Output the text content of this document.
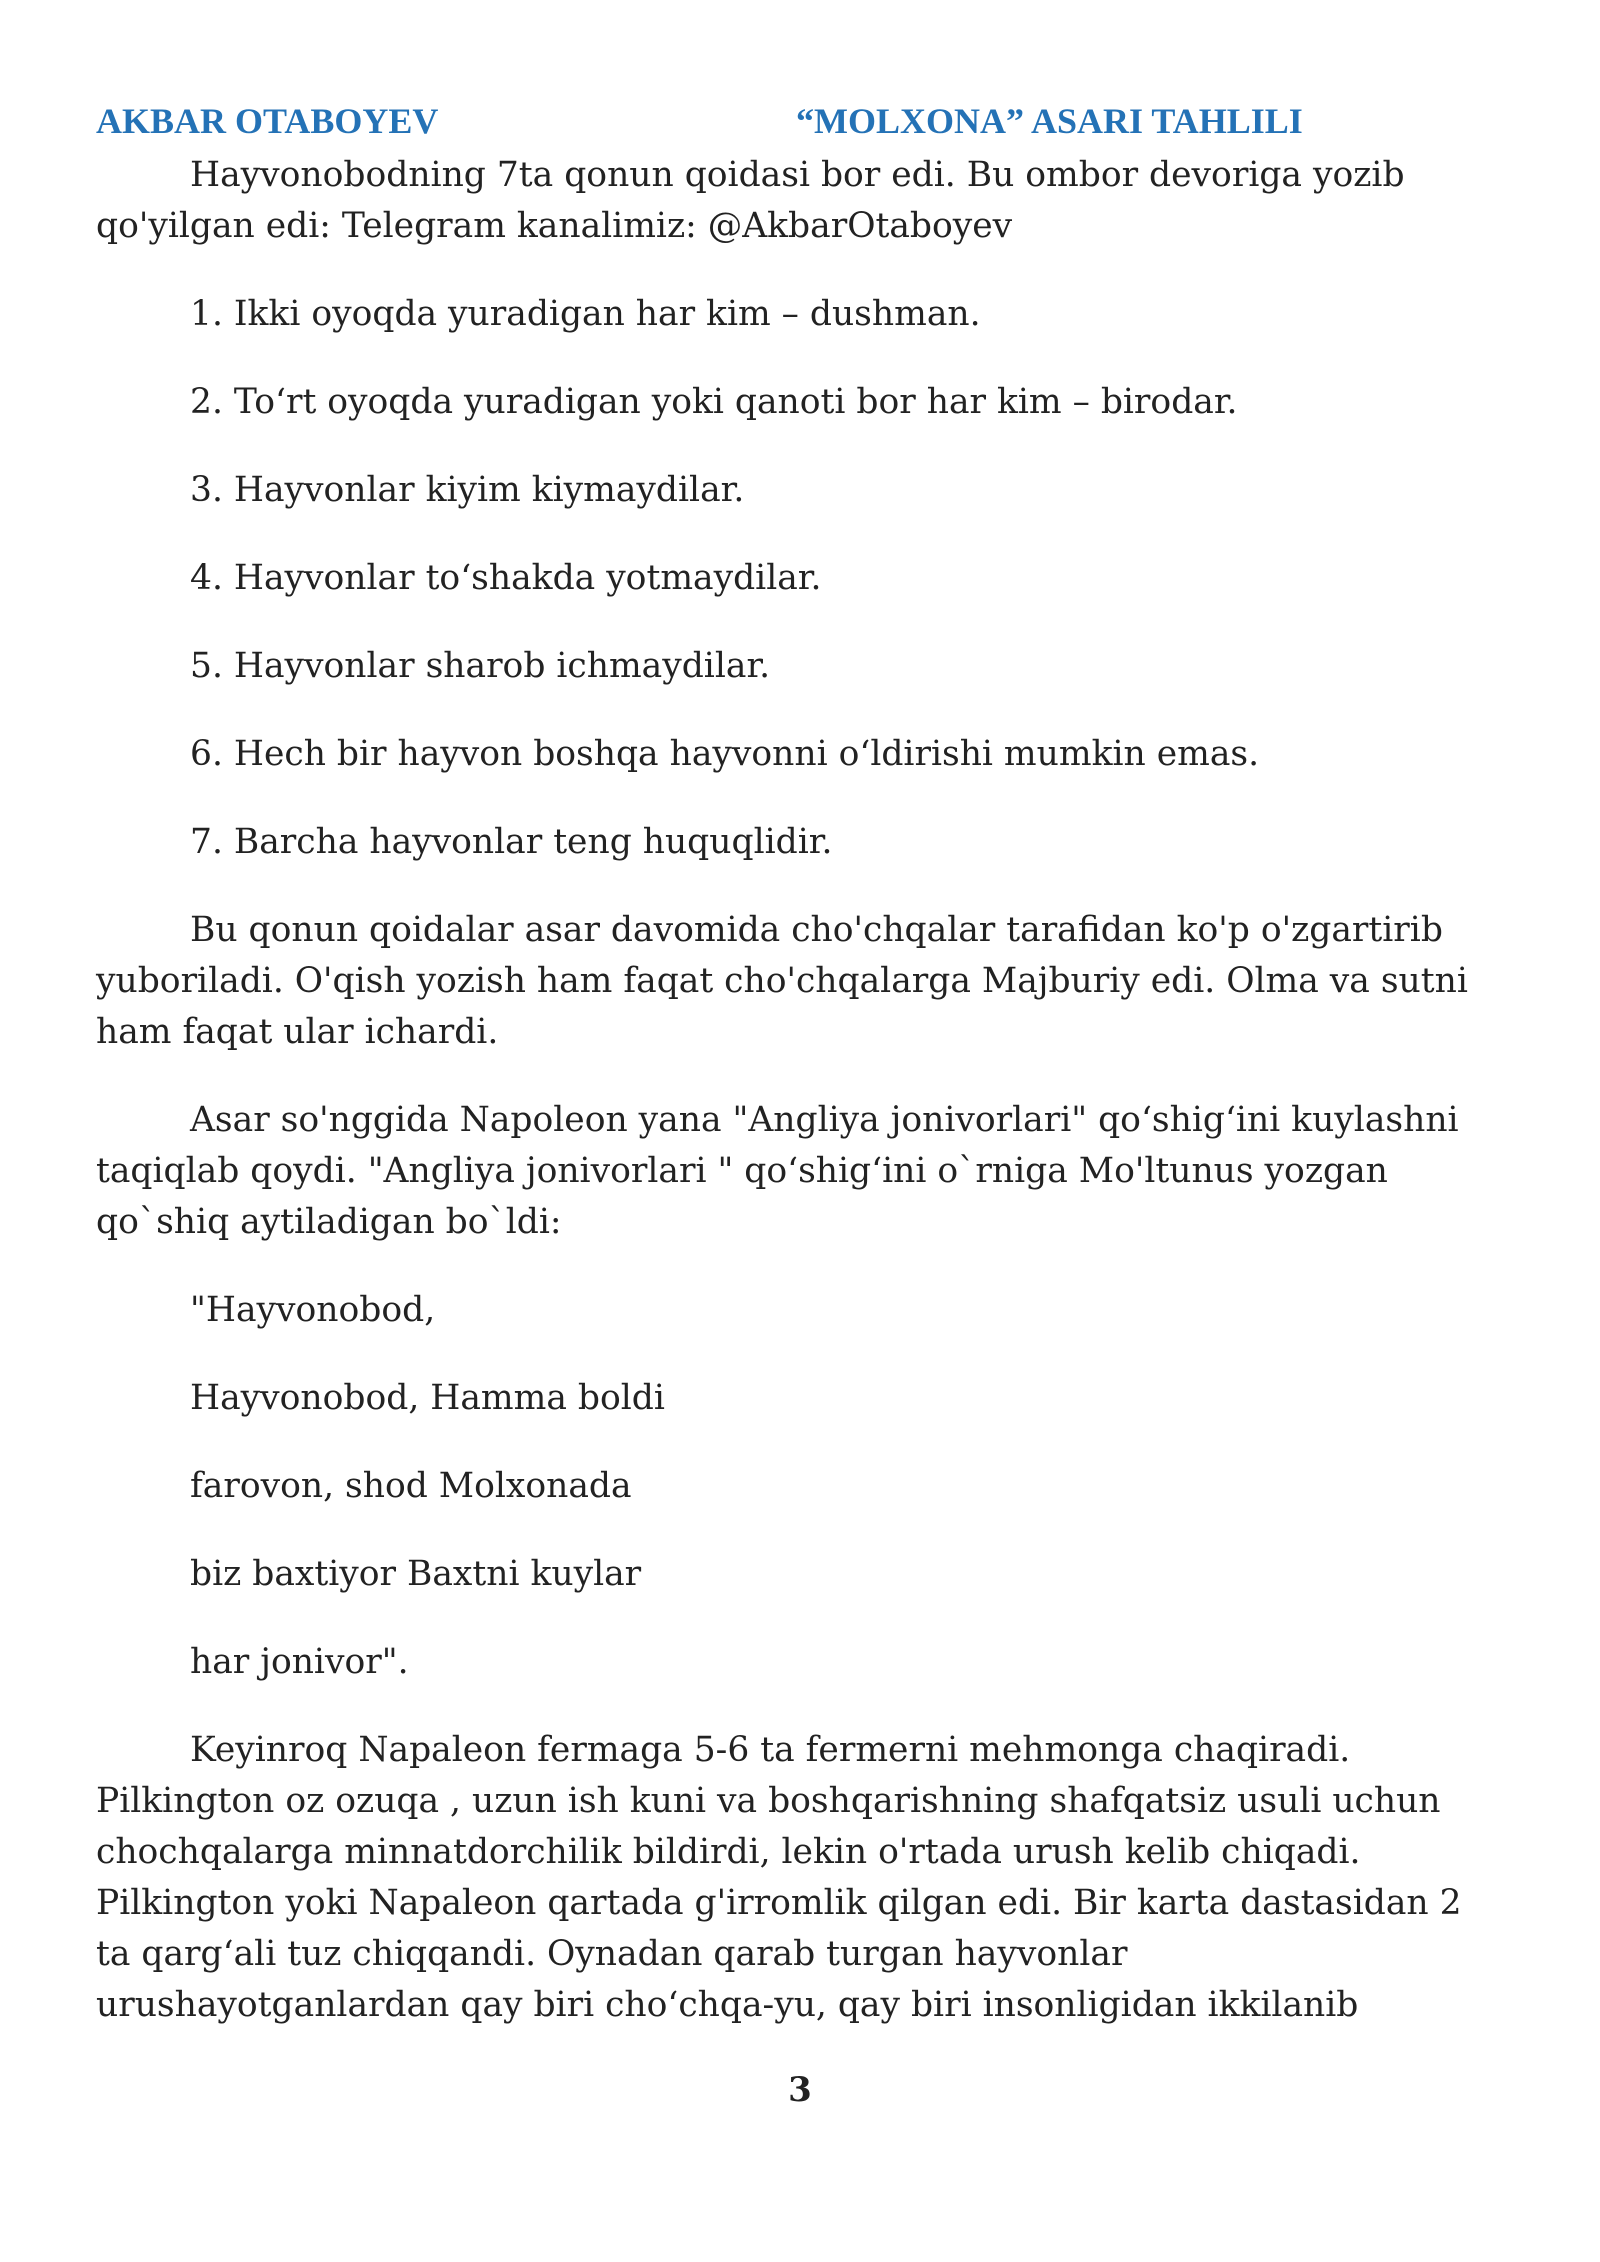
AKBAR OTABOYEV	“MOLXONA” ASARI TAHLILI

Hayvonobodning 7ta qonun qoidasi bor edi. Bu ombor devoriga yozib qo'yilgan edi: Telegram kanalimiz: @AkbarOtaboyev

1. Ikki oyoqda yuradigan har kim – dushman.
2. To‘rt oyoqda yuradigan yoki qanoti bor har kim – birodar.
3. Hayvonlar kiyim kiymaydilar.
4. Hayvonlar to‘shakda yotmaydilar.
5. Hayvonlar sharob ichmaydilar.
6. Hech bir hayvon boshqa hayvonni o‘ldirishi mumkin emas.
7. Barcha hayvonlar teng huquqlidir.

Bu qonun qoidalar asar davomida cho'chqalar tarafidan ko'p o'zgartirib yuboriladi. O'qish yozish ham faqat cho'chqalarga Majburiy edi. Olma va sutni ham faqat ular ichardi.

Asar so'nggida Napoleon yana "Angliya jonivorlari" qo‘shig‘ini kuylashni taqiqlab qoydi. "Angliya jonivorlari " qo‘shig‘ini o`rniga Mo'ltunus yozgan qo`shiq aytiladigan bo`ldi:

"Hayvonobod,

Hayvonobod, Hamma boldi

farovon, shod Molxonada

biz baxtiyor Baxtni kuylar

har jonivor".

Keyinroq Napaleon fermaga 5-6 ta fermerni mehmonga chaqiradi. Pilkington oz ozuqa , uzun ish kuni va boshqarishning shafqatsiz usuli uchun chochqalarga minnatdorchilik bildirdi, lekin o'rtada urush kelib chiqadi. Pilkington yoki Napaleon qartada g'irromlik qilgan edi. Bir karta dastasidan 2 ta qarg‘ali tuz chiqqandi. Oynadan qarab turgan hayvonlar urushayotganlardan qay biri cho‘chqa-yu, qay biri insonligidan ikkilanib

3
